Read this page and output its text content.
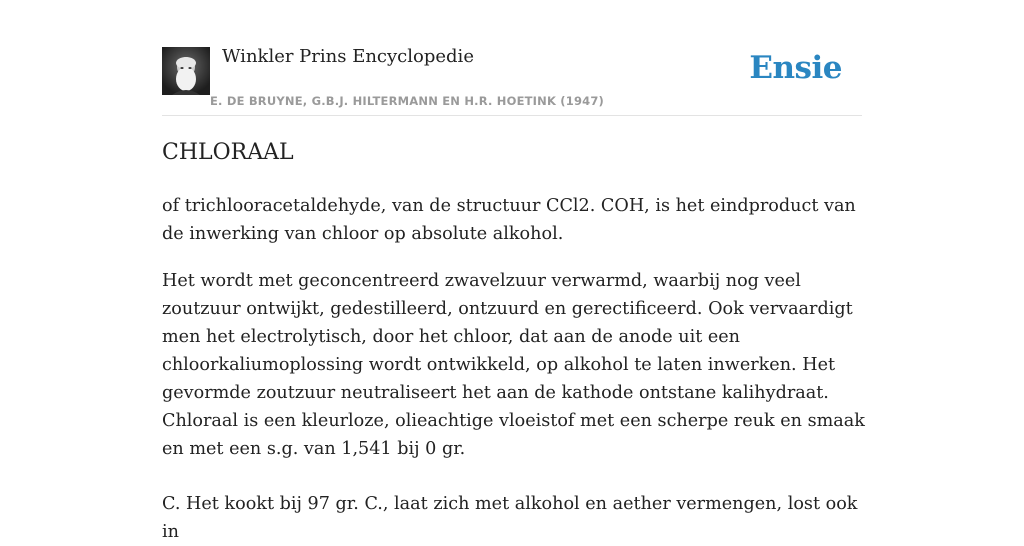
Winkler Prins Encyclopedie
E. DE BRUYNE, G.B.J. HILTERMANN EN H.R. HOETINK (1947)
Ensie
CHLORAAL

of trichlooracetaldehyde, van de structuur CCl2. COH, is het eindproduct van de inwerking van chloor op absolute alkohol.

Het wordt met geconcentreerd zwavelzuur verwarmd, waarbij nog veel zoutzuur ontwijkt, gedestilleerd, ontzuurd en gerectificeerd. Ook vervaardigt men het electrolytisch, door het chloor, dat aan de anode uit een chloorkaliumoplossing wordt ontwikkeld, op alkohol te laten inwerken. Het gevormde zoutzuur neutraliseert het aan de kathode ontstane kalihydraat. Chloraal is een kleurloze, olieachtige vloeistof met een scherpe reuk en smaak en met een s.g. van 1,541 bij 0 gr.

C. Het kookt bij 97 gr. C., laat zich met alkohol en aether vermengen, lost ook in
